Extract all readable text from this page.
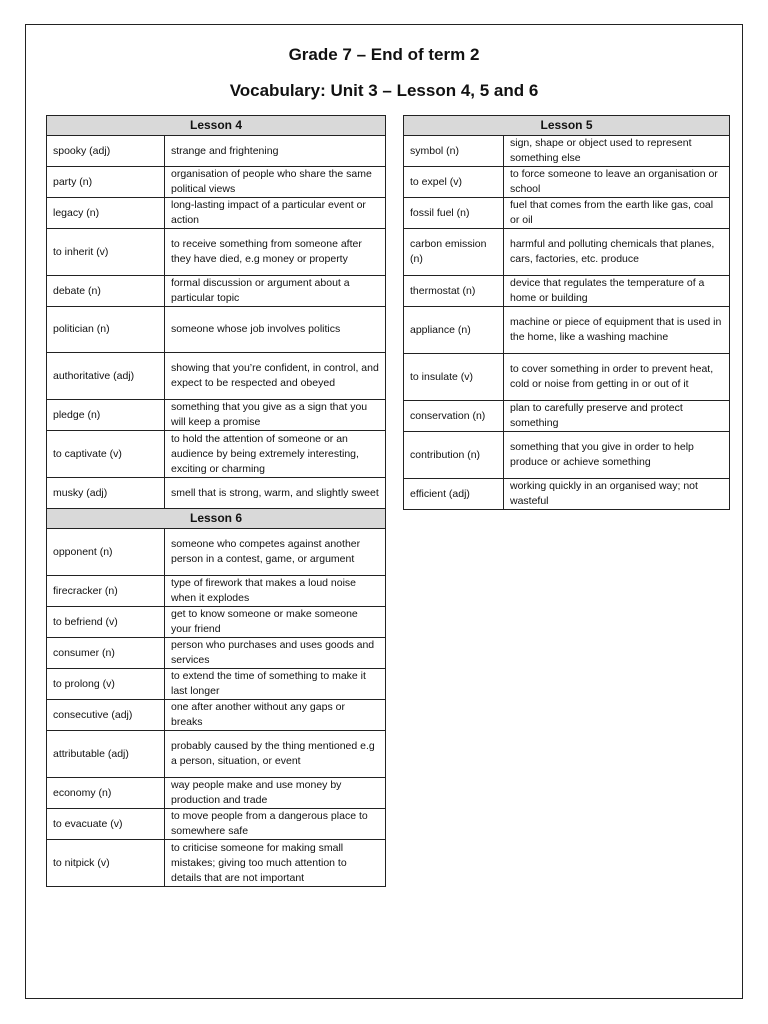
Grade 7 – End of term 2
Vocabulary: Unit 3 – Lesson 4, 5 and 6
Lesson 4	
spooky (adj)	strange and frightening
party (n)	organisation of people who share the same political views
legacy (n)	long-lasting impact of a particular event or action
to inherit (v)	to receive something from someone after they have died, e.g money or property
debate (n)	formal discussion or argument about a particular topic
politician (n)	someone whose job involves politics
authoritative (adj)	showing that you’re confident, in control, and expect to be respected and obeyed
pledge (n)	something that you give as a sign that you will keep a promise
to captivate (v)	to hold the attention of someone or an audience by being extremely interesting, exciting or charming
musky (adj)	smell that is strong, warm, and slightly sweet
Lesson 6	
opponent (n)	someone who competes against another person in a contest, game, or argument
firecracker (n)	type of firework that makes a loud noise when it explodes
to befriend (v)	get to know someone or make someone your friend
consumer (n)	person who purchases and uses goods and services
to prolong (v)	to extend the time of something to make it last longer
consecutive (adj)	one after another without any gaps or breaks
attributable (adj)	probably caused by the thing mentioned e.g a person, situation, or event
economy (n)	way people make and use money by production and trade
to evacuate (v)	to move people from a dangerous place to somewhere safe
to nitpick (v)	to criticise someone for making small mistakes; giving too much attention to details that are not important
Lesson 5	
symbol (n)	sign, shape or object used to represent something else
to expel (v)	to force someone to leave an organisation or school
fossil fuel (n)	fuel that comes from the earth like gas, coal or oil
carbon emission (n)	harmful and polluting chemicals that planes, cars, factories, etc. produce
thermostat (n)	device that regulates the temperature of a home or building
appliance (n)	machine or piece of equipment that is used in the home, like a washing machine
to insulate (v)	to cover something in order to prevent heat, cold or noise from getting in or out of it
conservation (n)	plan to carefully preserve and protect something
contribution (n)	something that you give in order to help produce or achieve something
efficient (adj)	working quickly in an organised way; not wasteful
